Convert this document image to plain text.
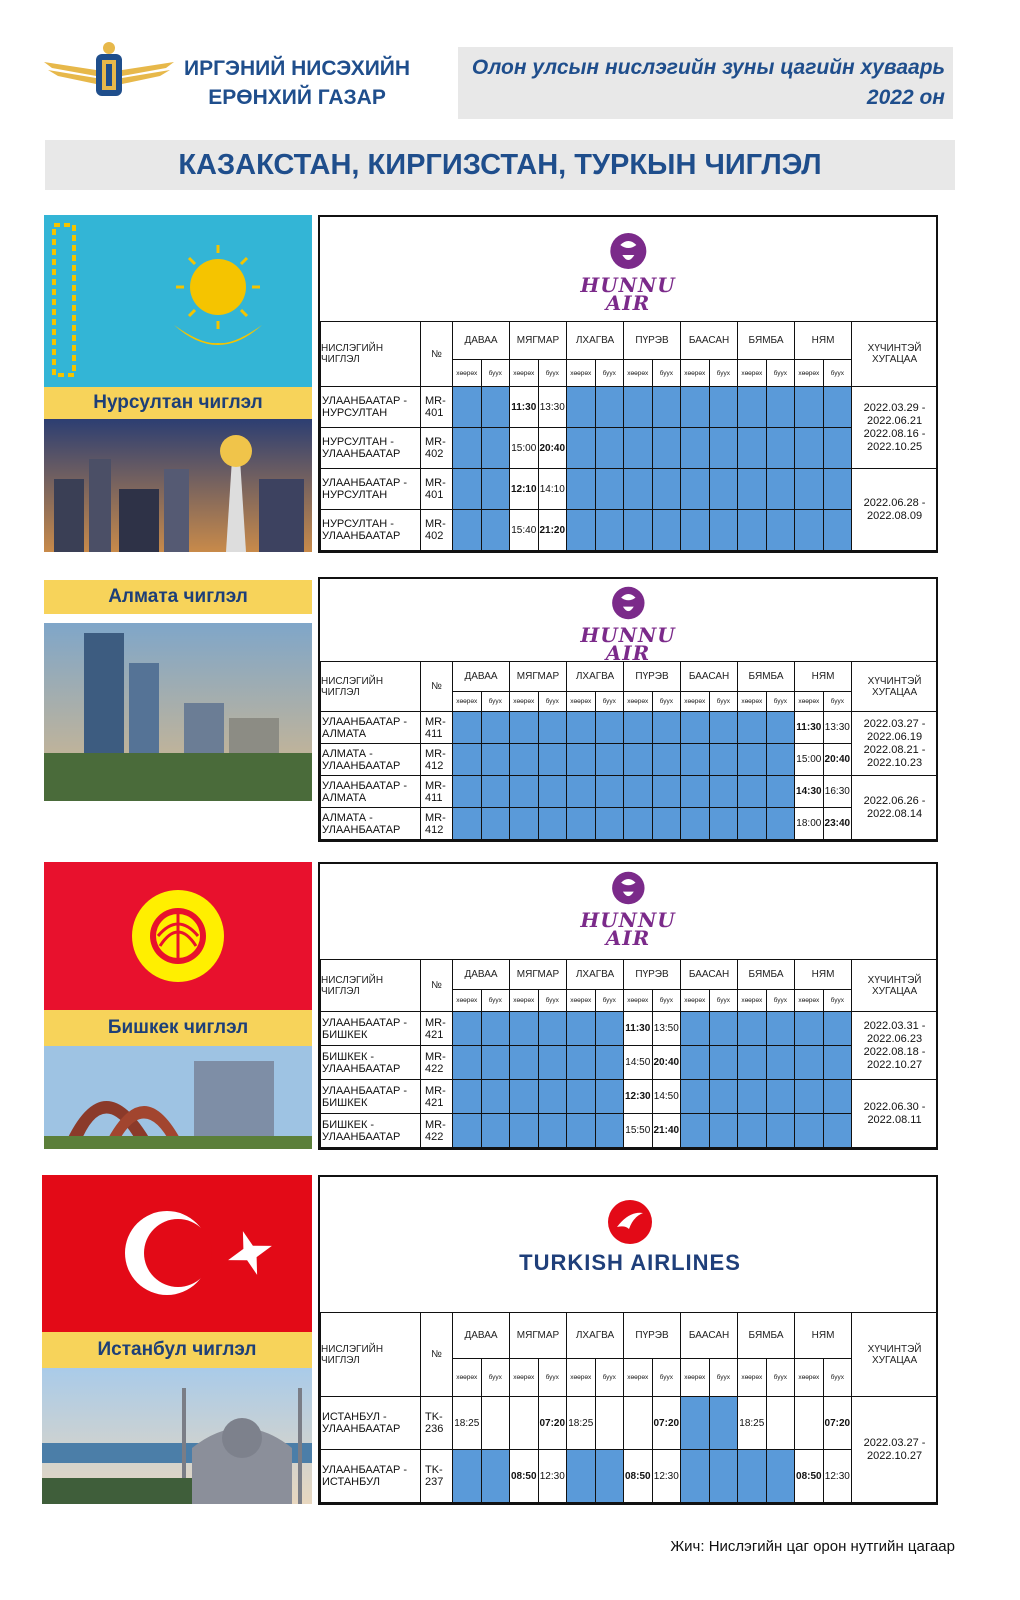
ИРГЭНИЙ НИСЭХИЙН
ЕРӨНХИЙ ГАЗАР
Олон улсын нислэгийн зуны цагийн хуваарь
2022 он
КАЗАКСТАН, КИРГИЗСТАН, ТУРКЫН ЧИГЛЭЛ
Нурсултан чиглэл
HUNNU
AIR
НИСЛЭГИЙН ЧИГЛЭЛ	№	ДАВАА		МЯГМАР		ЛХАГВА		ПҮРЭВ		БААСАН		БЯМБА		НЯМ		ХҮЧИНТЭЙ ХУГАЦАА
		хөөрөх	буух	хөөрөх	буух	хөөрөх	буух	хөөрөх	буух	хөөрөх	буух	хөөрөх	буух	хөөрөх	буух	
УЛААНБААТАР - НУРСУЛТАН	MR-401			11:30	13:30											2022.03.29 - 2022.06.21 2022.08.16 - 2022.10.25
НУРСУЛТАН - УЛААНБААТАР	MR-402			15:00	20:40											
УЛААНБААТАР - НУРСУЛТАН	MR-401			12:10	14:10											2022.06.28 - 2022.08.09
НУРСУЛТАН - УЛААНБААТАР	MR-402			15:40	21:20											
Алмата чиглэл
HUNNU
AIR
НИСЛЭГИЙН ЧИГЛЭЛ	№	ДАВАА		МЯГМАР		ЛХАГВА		ПҮРЭВ		БААСАН		БЯМБА		НЯМ		ХҮЧИНТЭЙ ХУГАЦАА
		хөөрөх	буух	хөөрөх	буух	хөөрөх	буух	хөөрөх	буух	хөөрөх	буух	хөөрөх	буух	хөөрөх	буух	
УЛААНБААТАР - АЛМАТА	MR-411													11:30	13:30	2022.03.27 - 2022.06.19 2022.08.21 - 2022.10.23
АЛМАТА - УЛААНБААТАР	MR-412													15:00	20:40	
УЛААНБААТАР - АЛМАТА	MR-411													14:30	16:30	2022.06.26 - 2022.08.14
АЛМАТА - УЛААНБААТАР	MR-412													18:00	23:40	
Бишкек чиглэл
HUNNU
AIR
НИСЛЭГИЙН ЧИГЛЭЛ	№	ДАВАА		МЯГМАР		ЛХАГВА		ПҮРЭВ		БААСАН		БЯМБА		НЯМ		ХҮЧИНТЭЙ ХУГАЦАА
		хөөрөх	буух	хөөрөх	буух	хөөрөх	буух	хөөрөх	буух	хөөрөх	буух	хөөрөх	буух	хөөрөх	буух	
УЛААНБААТАР - БИШКЕК	MR-421							11:30	13:50							2022.03.31 - 2022.06.23 2022.08.18 - 2022.10.27
БИШКЕК - УЛААНБААТАР	MR-422							14:50	20:40							
УЛААНБААТАР - БИШКЕК	MR-421							12:30	14:50							2022.06.30 - 2022.08.11
БИШКЕК - УЛААНБААТАР	MR-422							15:50	21:40							
Истанбул чиглэл
TURKISH AIRLINES
НИСЛЭГИЙН ЧИГЛЭЛ	№	ДАВАА		МЯГМАР		ЛХАГВА		ПҮРЭВ		БААСАН		БЯМБА		НЯМ		ХҮЧИНТЭЙ ХУГАЦАА
		хөөрөх	буух	хөөрөх	буух	хөөрөх	буух	хөөрөх	буух	хөөрөх	буух	хөөрөх	буух	хөөрөх	буух	
ИСТАНБУЛ - УЛААНБААТАР	TK-236	18:25			07:20	18:25			07:20			18:25			07:20	2022.03.27 - 2022.10.27
УЛААНБААТАР - ИСТАНБУЛ	TK-237			08:50	12:30			08:50	12:30					08:50	12:30	
Жич: Нислэгийн цаг орон нутгийн цагаар
